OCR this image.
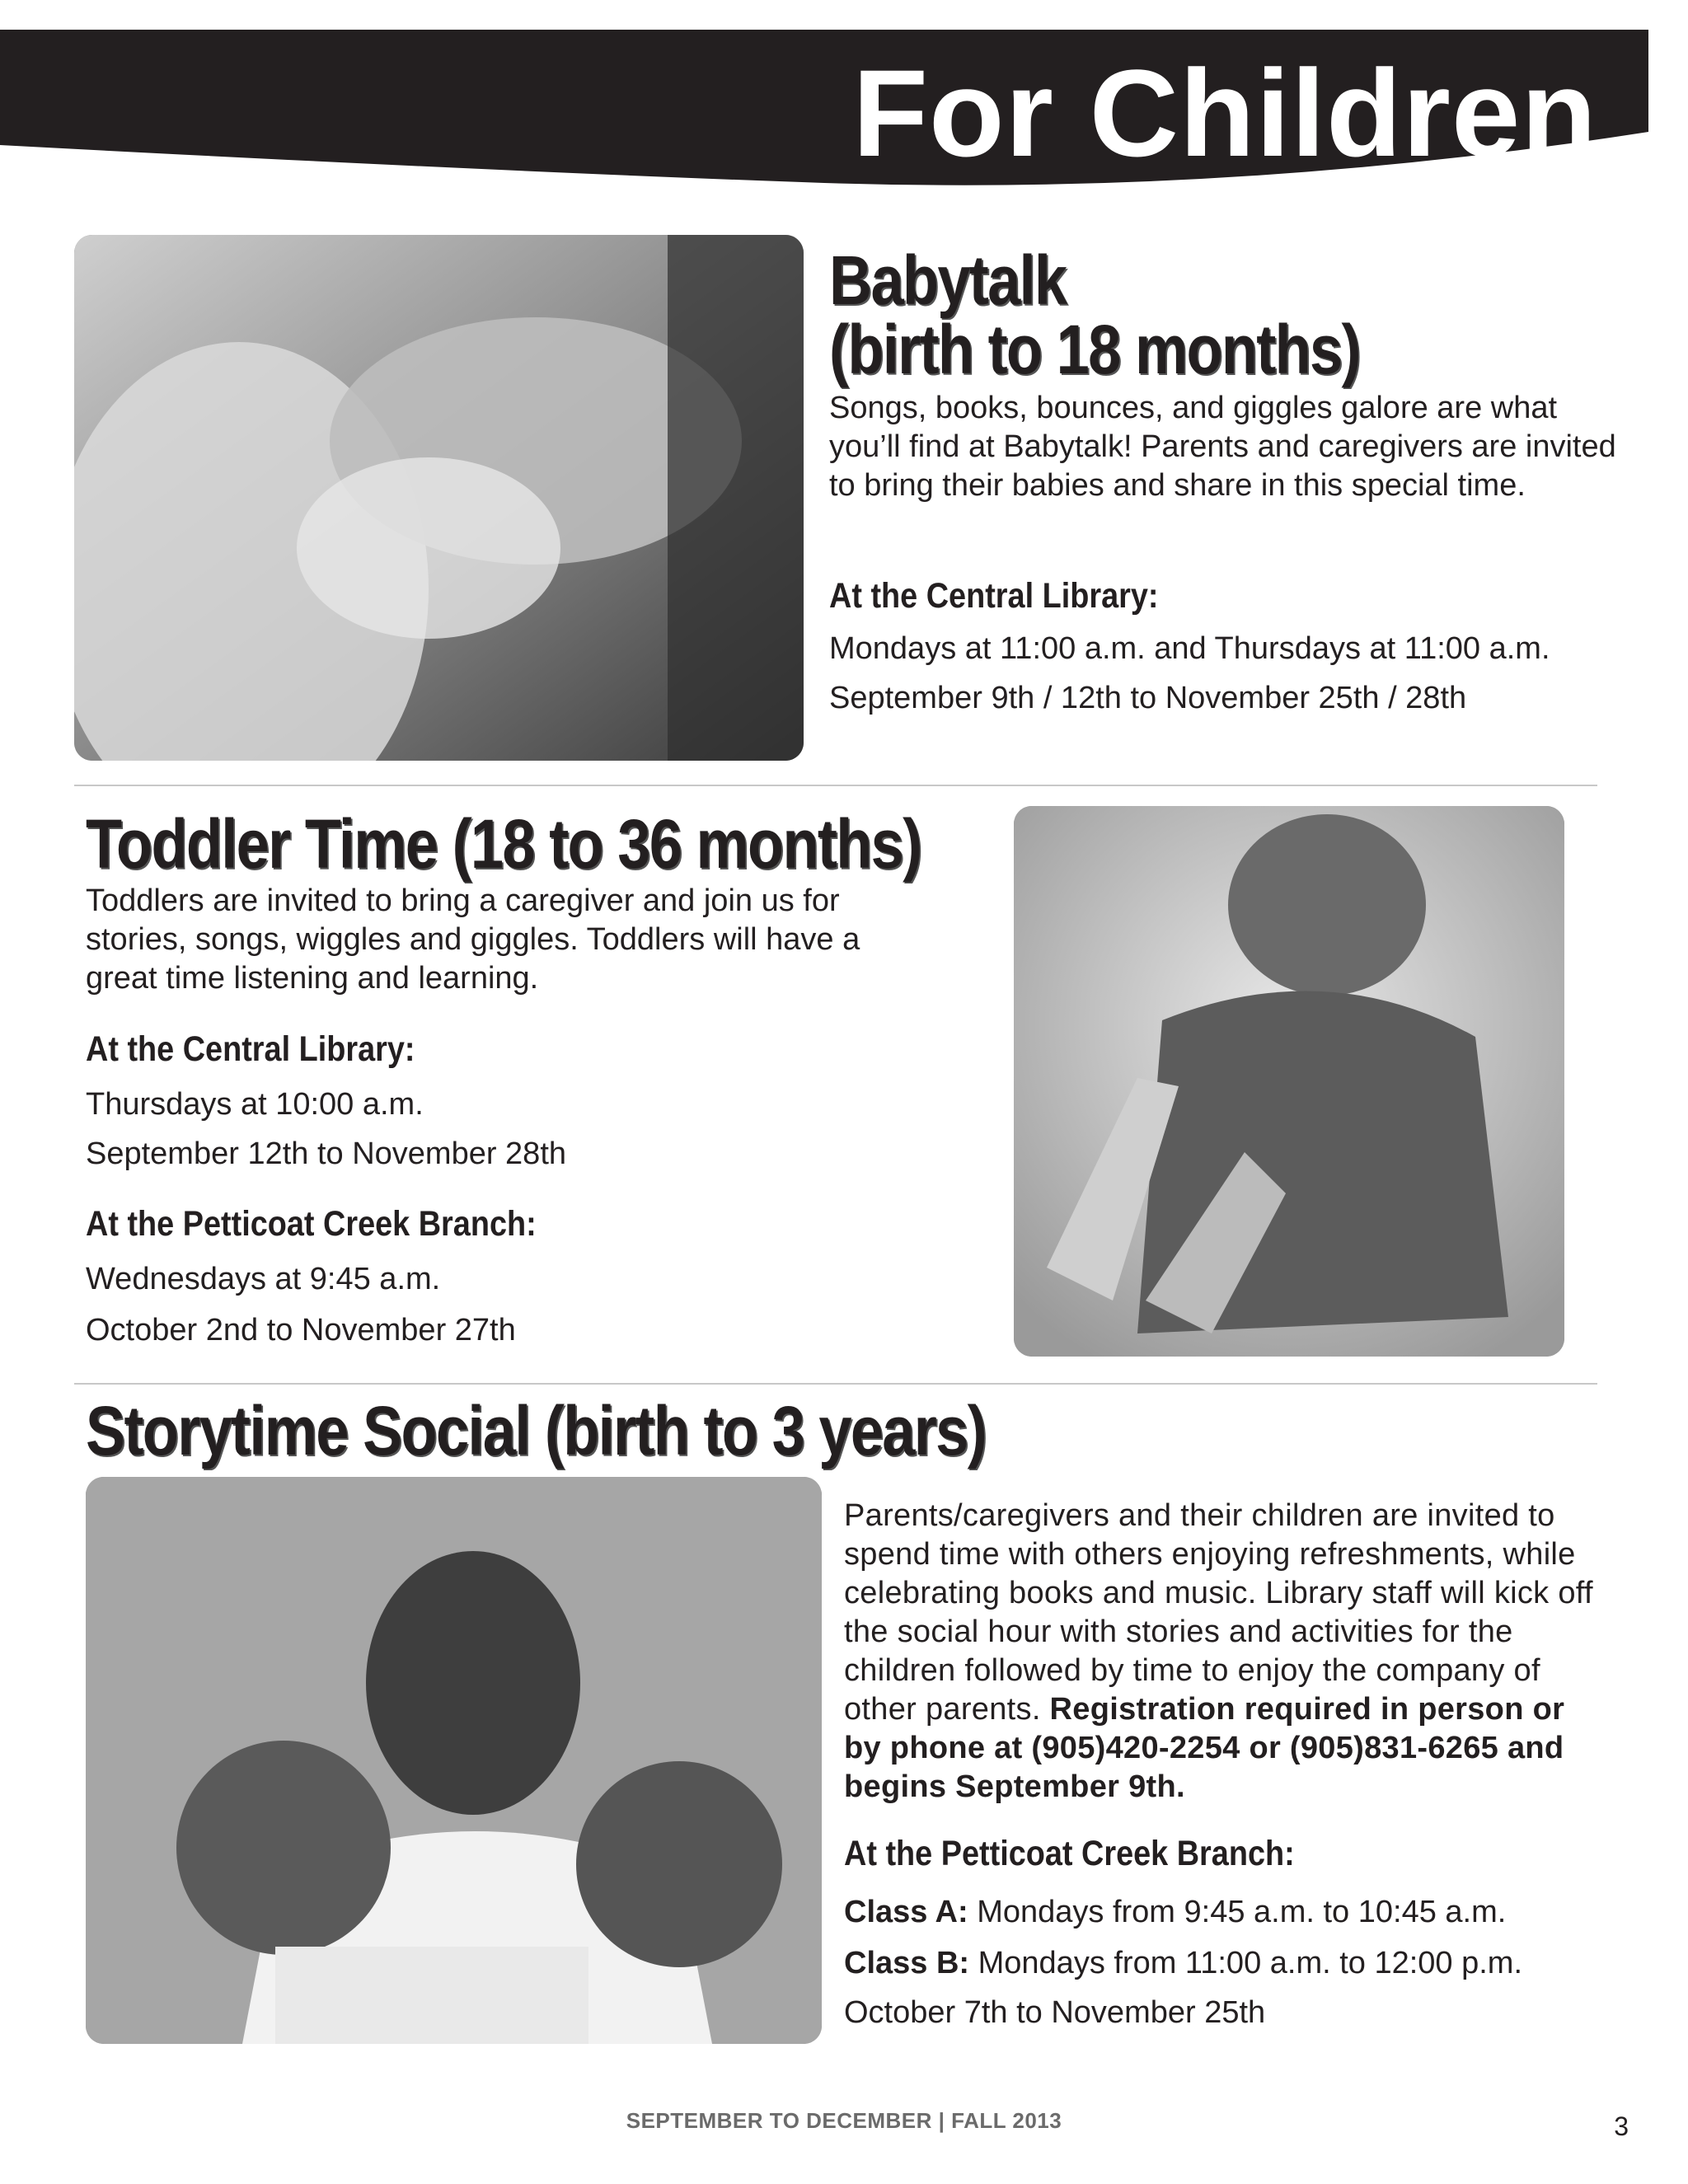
For Children
Babytalk
(birth to 18 months)
Songs, books, bounces, and giggles galore are what you’ll find at Babytalk! Parents and caregivers are invited to bring their babies and share in this special time.
At the Central Library:
Mondays at 11:00 a.m. and Thursdays at 11:00 a.m.
September 9th / 12th to November 25th / 28th
Toddler Time (18 to 36 months)
Toddlers are invited to bring a caregiver and join us for stories, songs, wiggles and giggles. Toddlers will have a great time listening and learning.
At the Central Library:
Thursdays at 10:00 a.m.
September 12th to November 28th
At the Petticoat Creek Branch:
Wednesdays at 9:45 a.m.
October 2nd to November 27th
Storytime Social (birth to 3 years)
Parents/caregivers and their children are invited to spend time with others enjoying refreshments, while celebrating books and music. Library staff will kick off the social hour with stories and activities for the children followed by time to enjoy the company of other parents. Registration required in person or by phone at (905)420-2254 or (905)831-6265 and begins September 9th.
At the Petticoat Creek Branch:
Class A: Mondays from 9:45 a.m. to 10:45 a.m.
Class B: Mondays from 11:00 a.m. to 12:00 p.m.
October 7th to November 25th
SEPTEMBER TO DECEMBER | FALL 2013	3
